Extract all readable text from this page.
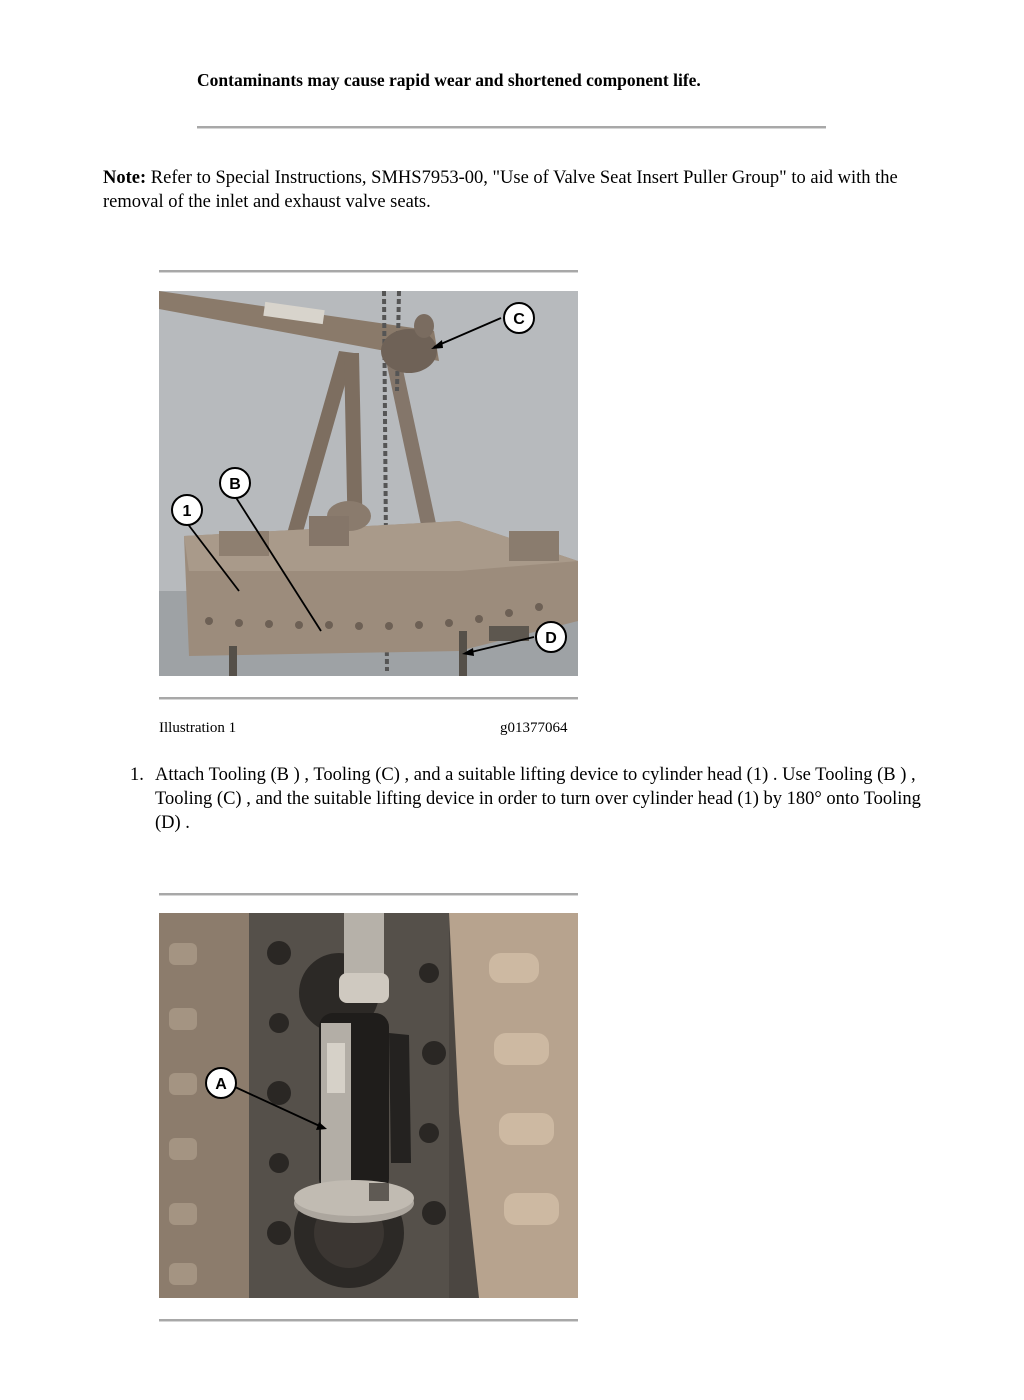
Contaminants may cause rapid wear and shortened component life.
Note: Refer to Special Instructions, SMHS7953-00, "Use of Valve Seat Insert Puller Group" to aid with the removal of the inlet and exhaust valve seats.
C
B
1
D
Illustration 1	g01377064
1. Attach Tooling (B ) , Tooling (C) , and a suitable lifting device to cylinder head (1) . Use Tooling (B ) , Tooling (C) , and the suitable lifting device in order to turn over cylinder head (1) by 180° onto Tooling (D) .
A
